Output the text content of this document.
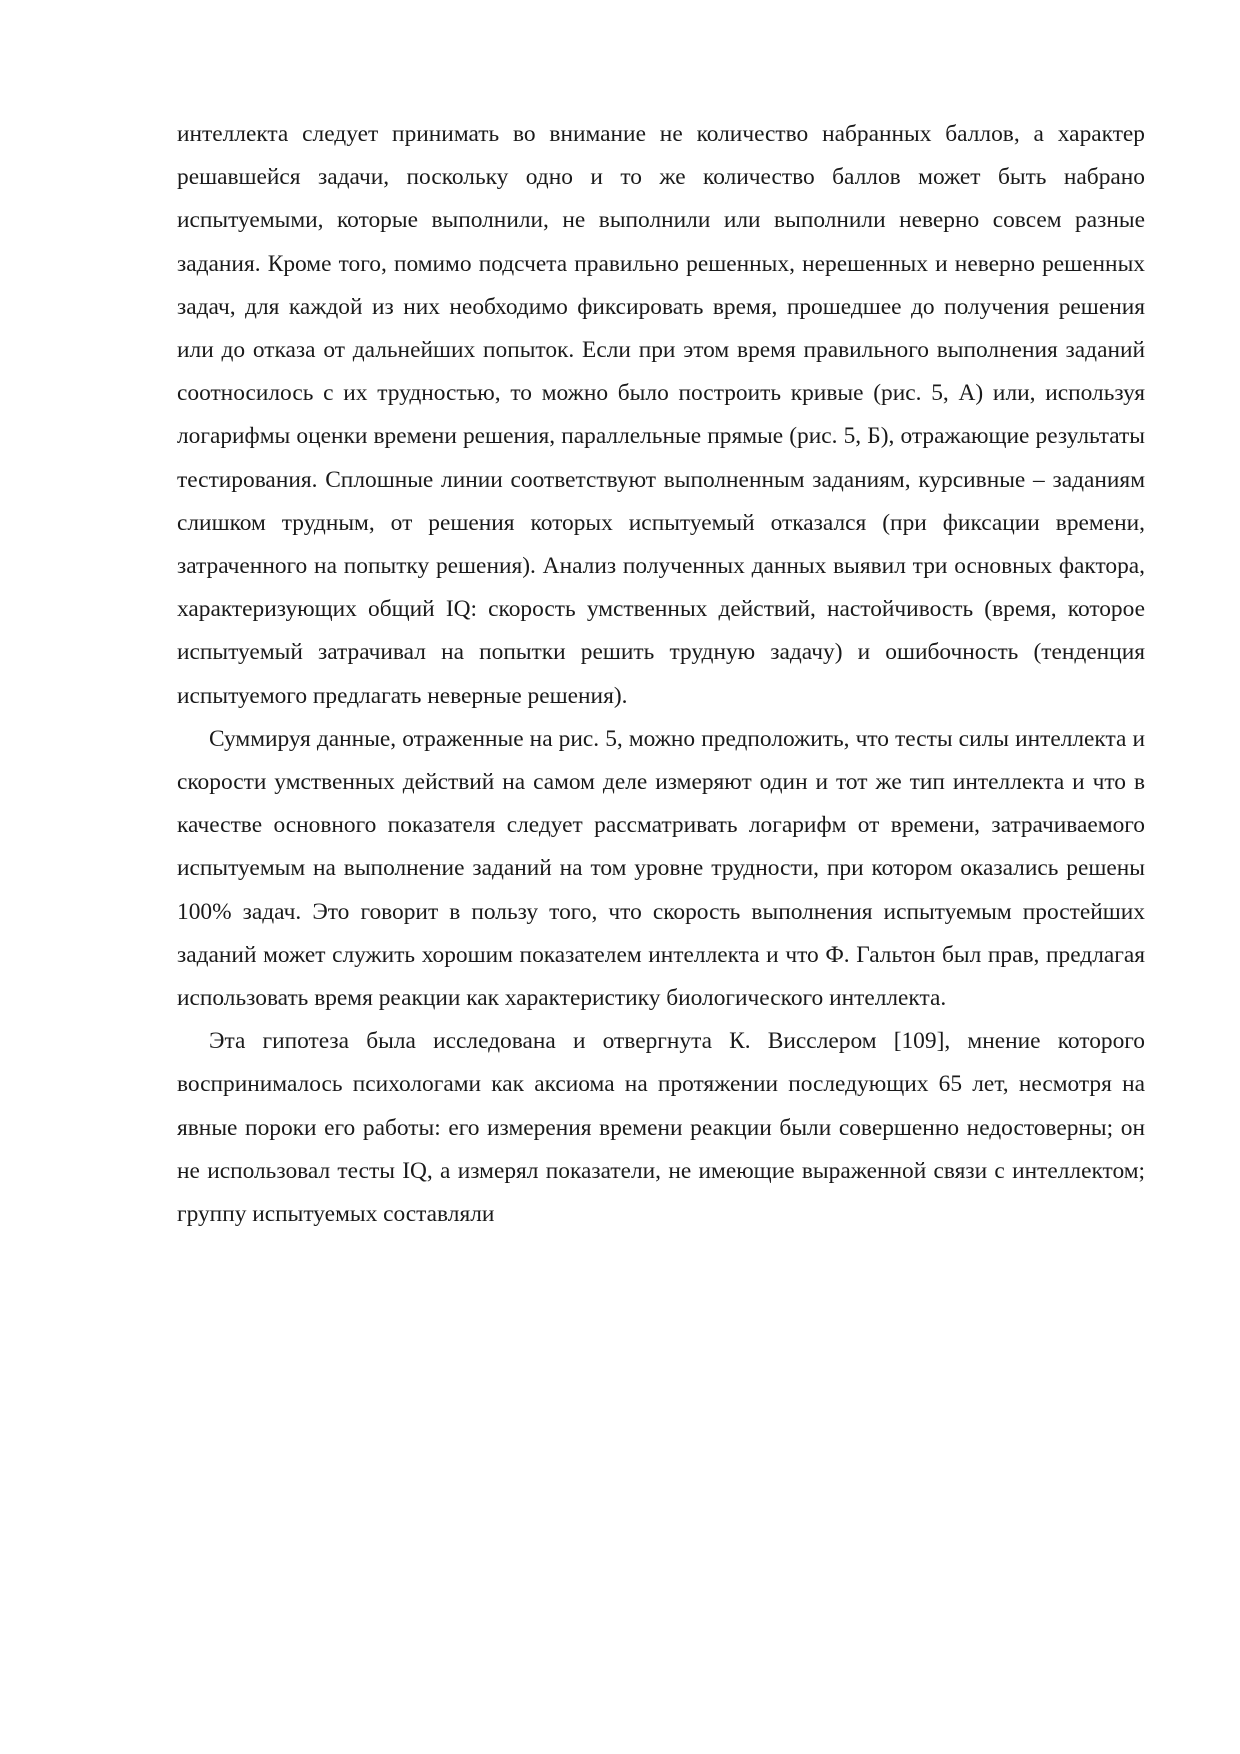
интеллекта следует принимать во внимание не количество набранных баллов, а характер решавшейся задачи, поскольку одно и то же количество баллов может быть набрано испытуемыми, которые выполнили, не выполнили или выполнили неверно совсем разные задания. Кроме того, помимо подсчета правильно решенных, нерешенных и неверно решенных задач, для каждой из них необходимо фиксировать время, прошедшее до получения решения или до отказа от дальнейших попыток. Если при этом время правильного выполнения заданий соотносилось с их трудностью, то можно было построить кривые (рис. 5, А) или, используя логарифмы оценки времени решения, параллельные прямые (рис. 5, Б), отражающие результаты тестирования. Сплошные линии соответствуют выполненным заданиям, курсивные – заданиям слишком трудным, от решения которых испытуемый отказался (при фиксации времени, затраченного на попытку решения). Анализ полученных данных выявил три основных фактора, характеризующих общий IQ: скорость умственных действий, настойчивость (время, которое испытуемый затрачивал на попытки решить трудную задачу) и ошибочность (тенденция испытуемого предлагать неверные решения).

Суммируя данные, отраженные на рис. 5, можно предположить, что тесты силы интеллекта и скорости умственных действий на самом деле измеряют один и тот же тип интеллекта и что в качестве основного показателя следует рассматривать логарифм от времени, затрачиваемого испытуемым на выполнение заданий на том уровне трудности, при котором оказались решены 100% задач. Это говорит в пользу того, что скорость выполнения испытуемым простейших заданий может служить хорошим показателем интеллекта и что Ф. Гальтон был прав, предлагая использовать время реакции как характеристику биологического интеллекта.

Эта гипотеза была исследована и отвергнута К. Висслером [109], мнение которого воспринималось психологами как аксиома на протяжении последующих 65 лет, несмотря на явные пороки его работы: его измерения времени реакции были совершенно недостоверны; он не использовал тесты IQ, а измерял показатели, не имеющие выраженной связи с интеллектом; группу испытуемых составляли
